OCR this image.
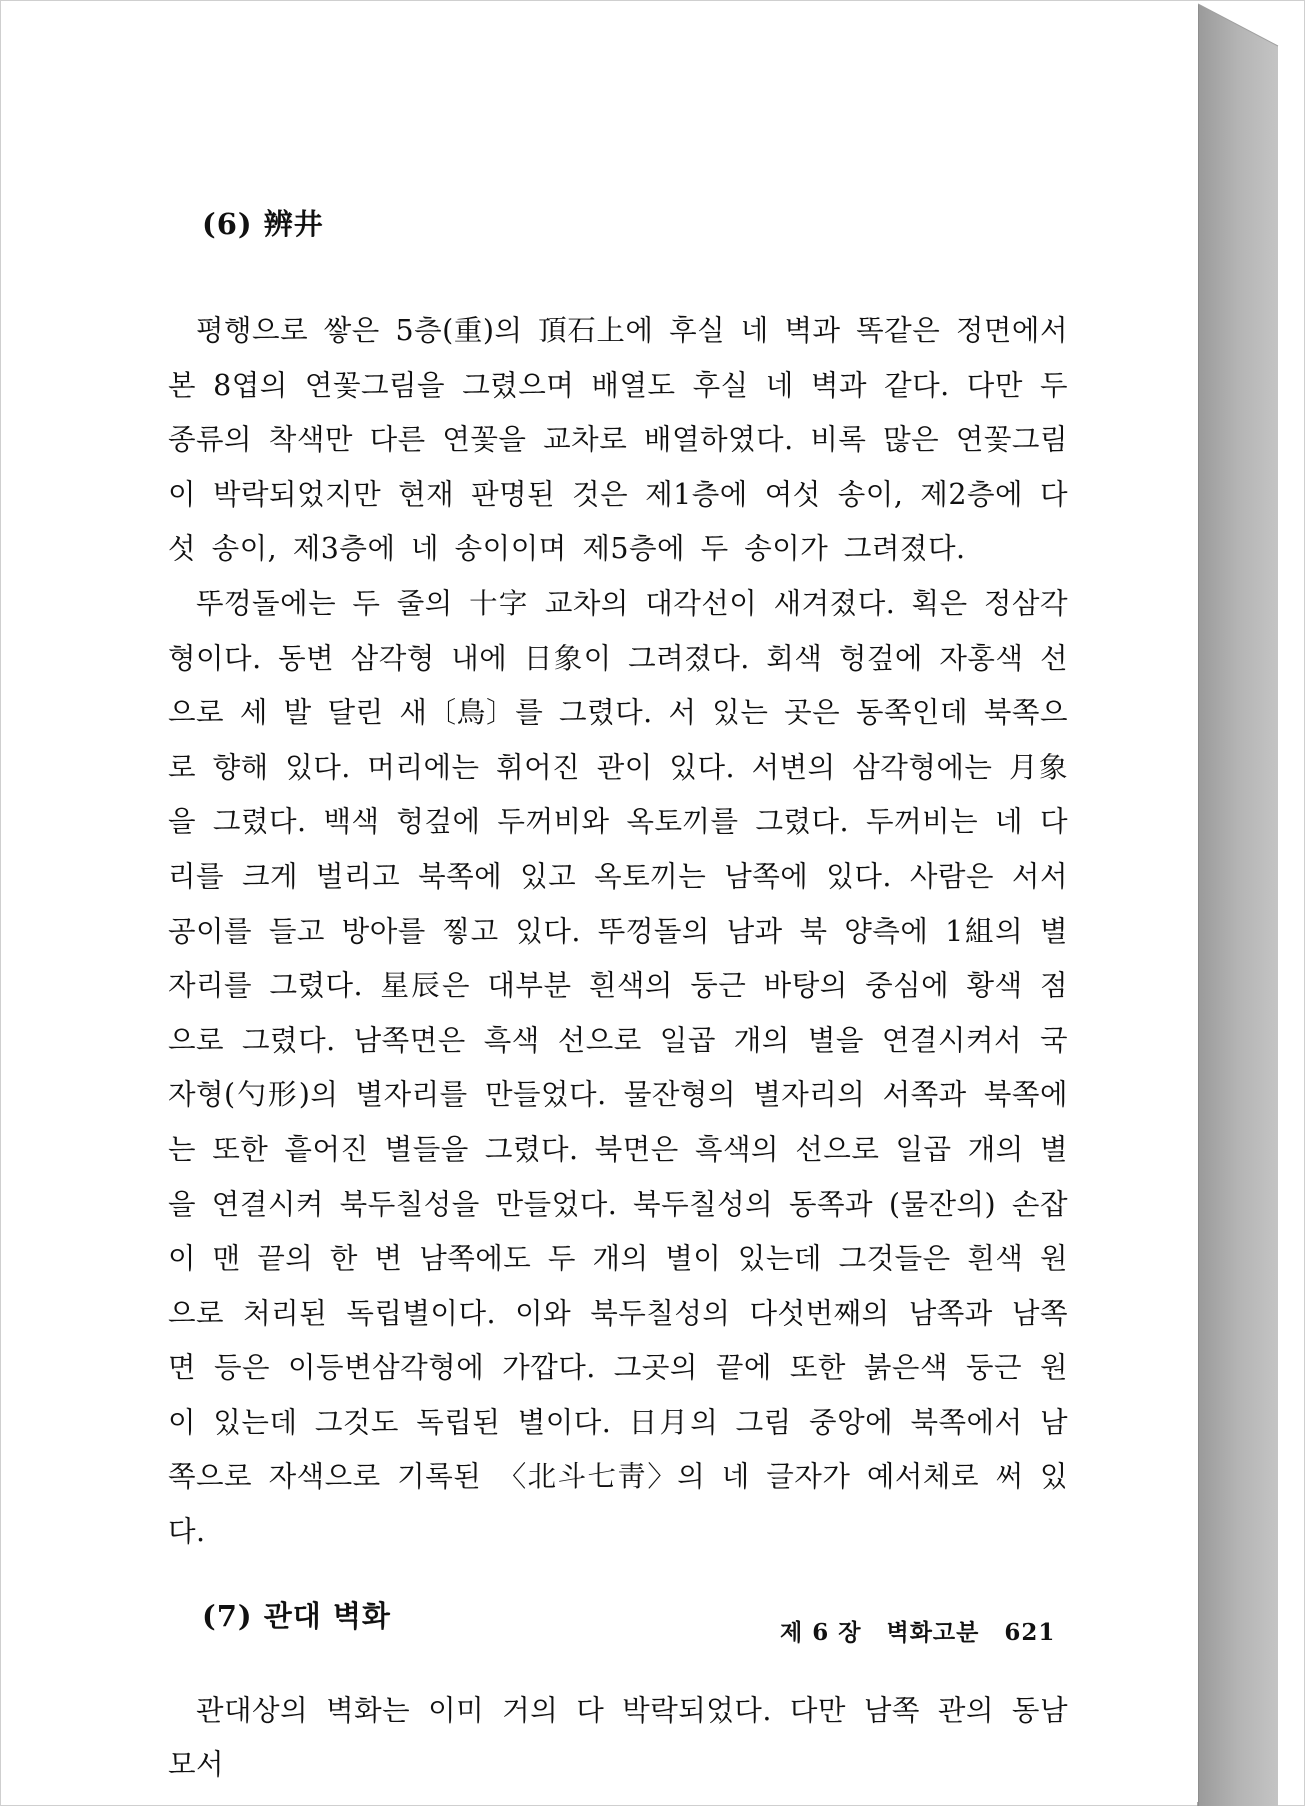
(6) 辨井

평행으로 쌓은 5층(重)의 頂石上에 후실 네 벽과 똑같은 정면에서 본 8엽의 연꽃그림을 그렸으며 배열도 후실 네 벽과 같다. 다만 두 종류의 착색만 다른 연꽃을 교차로 배열하였다. 비록 많은 연꽃그림이 박락되었지만 현재 판명된 것은 제1층에 여섯 송이, 제2층에 다섯 송이, 제3층에 네 송이이며 제5층에 두 송이가 그려졌다.

뚜껑돌에는 두 줄의 十字 교차의 대각선이 새겨졌다. 획은 정삼각형이다. 동변 삼각형 내에 日象이 그려졌다. 회색 헝겊에 자홍색 선으로 세 발 달린 새〔鳥〕를 그렸다. 서 있는 곳은 동쪽인데 북쪽으로 향해 있다. 머리에는 휘어진 관이 있다. 서변의 삼각형에는 月象을 그렸다. 백색 헝겊에 두꺼비와 옥토끼를 그렸다. 두꺼비는 네 다리를 크게 벌리고 북쪽에 있고 옥토끼는 남쪽에 있다. 사람은 서서 공이를 들고 방아를 찧고 있다. 뚜껑돌의 남과 북 양측에 1組의 별자리를 그렸다. 星辰은 대부분 흰색의 둥근 바탕의 중심에 황색 점으로 그렸다. 남쪽면은 흑색 선으로 일곱 개의 별을 연결시켜서 국자형(勺形)의 별자리를 만들었다. 물잔형의 별자리의 서쪽과 북쪽에는 또한 흩어진 별들을 그렸다. 북면은 흑색의 선으로 일곱 개의 별을 연결시켜 북두칠성을 만들었다. 북두칠성의 동쪽과 (물잔의) 손잡이 맨 끝의 한 변 남쪽에도 두 개의 별이 있는데 그것들은 흰색 원으로 처리된 독립별이다. 이와 북두칠성의 다섯번째의 남쪽과 남쪽면 등은 이등변삼각형에 가깝다. 그곳의 끝에 또한 붉은색 둥근 원이 있는데 그것도 독립된 별이다. 日月의 그림 중앙에 북쪽에서 남쪽으로 자색으로 기록된 〈北斗七靑〉의 네 글자가 예서체로 써 있다.

(7) 관대 벽화

관대상의 벽화는 이미 거의 다 박락되었다. 다만 남쪽 관의 동남 모서

제 6 장 벽화고분 621
